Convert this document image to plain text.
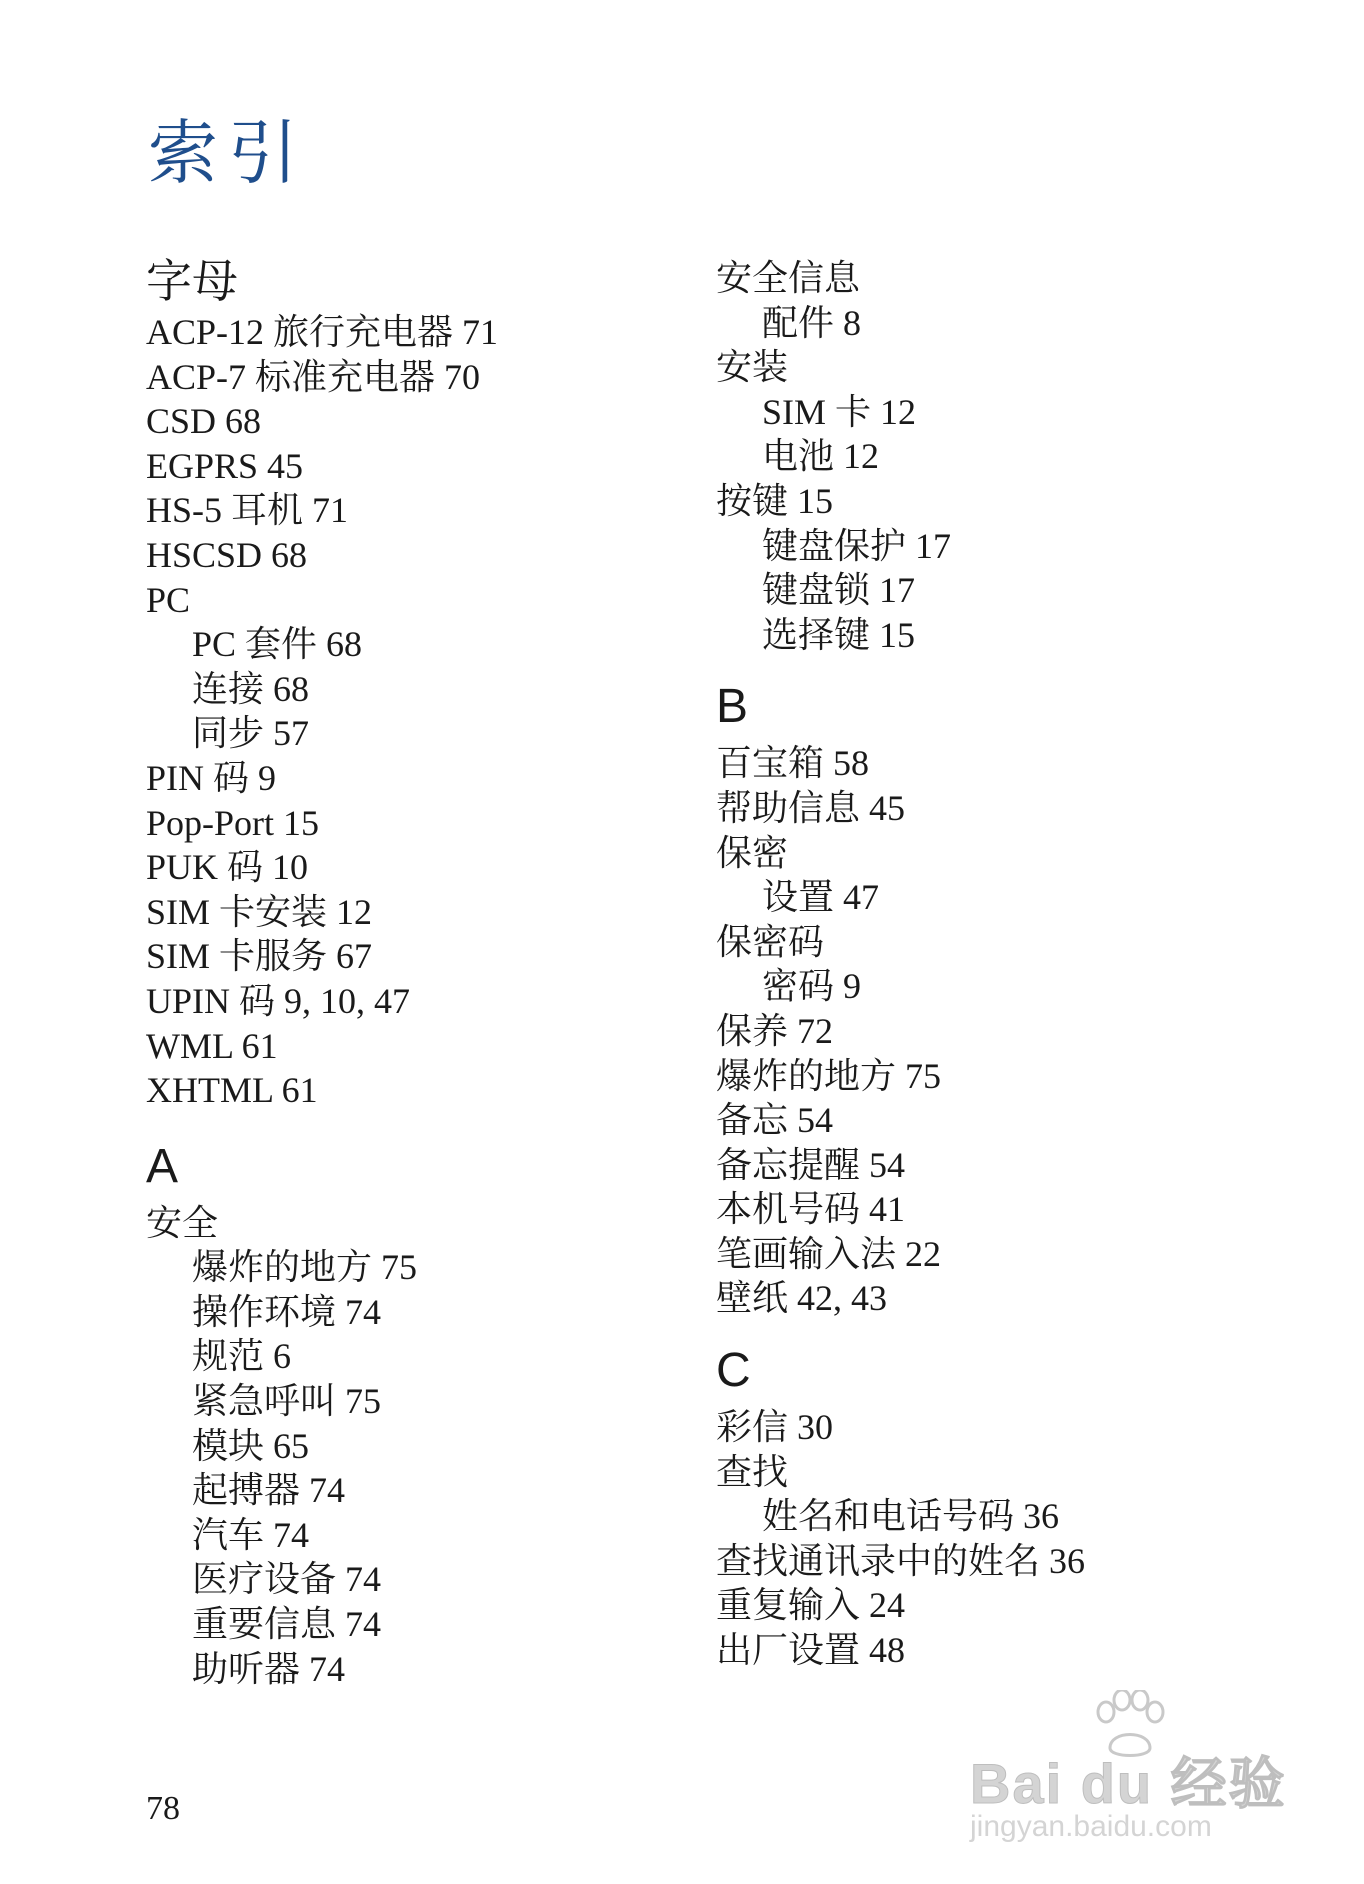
索引
字母
ACP-12 旅行充电器 71
ACP-7 标准充电器 70
CSD 68
EGPRS 45
HS-5 耳机 71
HSCSD 68
PC
PC 套件 68
连接 68
同步 57
PIN 码 9
Pop-Port 15
PUK 码 10
SIM 卡安装 12
SIM 卡服务 67
UPIN 码 9, 10, 47
WML 61
XHTML 61
A
安全
爆炸的地方 75
操作环境 74
规范 6
紧急呼叫 75
模块 65
起搏器 74
汽车 74
医疗设备 74
重要信息 74
助听器 74
安全信息
配件 8
安装
SIM 卡 12
电池 12
按键 15
键盘保护 17
键盘锁 17
选择键 15
B
百宝箱 58
帮助信息 45
保密
设置 47
保密码
密码 9
保养 72
爆炸的地方 75
备忘 54
备忘提醒 54
本机号码 41
笔画输入法 22
壁纸 42, 43
C
彩信 30
查找
姓名和电话号码 36
查找通讯录中的姓名 36
重复输入 24
出厂设置 48
78	Bai du 经验
jingyan.baidu.com
